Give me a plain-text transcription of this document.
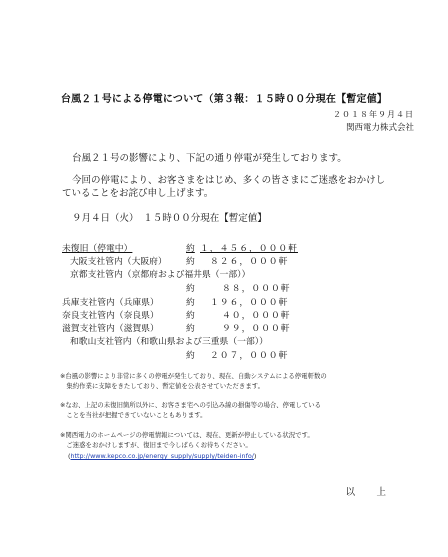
台風２１号による停電について（第３報：１５時００分現在【暫定値】
２０１８年９月４日
関西電力株式会社
台風２１号の影響により、下記の通り停電が発生しております。
今回の停電により、お客さまをはじめ、多くの皆さまにご迷惑をおかけし
ていることをお詫び申し上げます。
９月４日（火）　１５時００分現在【暫定値】
未復旧（停電中）	約 １，４５６，０００軒
大阪支社管内（大阪府） 約 ８２６，０００軒
京都支社管内（京都府および福井県（一部））
約	８８，０００軒
兵庫支社管内（兵庫県）	約 １９６，０００軒
奈良支社管内（奈良県）	約	４０，０００軒
滋賀支社管内（滋賀県）	約	９９，０００軒
和歌山支社管内（和歌山県および三重県（一部））
約 ２０７，０００軒
※台風の影響により非常に多くの停電が発生しており、現在、自動システムによる停電軒数の
　集約作業に支障をきたしており、暫定値を公表させていただきます。
※なお、上記の未復旧箇所以外に、お客さま宅への引込み線の損傷等の場合、停電している
　ことを当社が把握できていないこともあります。
※関西電力のホームページの停電情報については、現在、更新が停止している状況です。
　ご迷惑をおかけしますが、復旧まで今しばらくお待ちください。
(http://www.kepco.co.jp/energy_supply/supply/teiden-info/)
以　上
